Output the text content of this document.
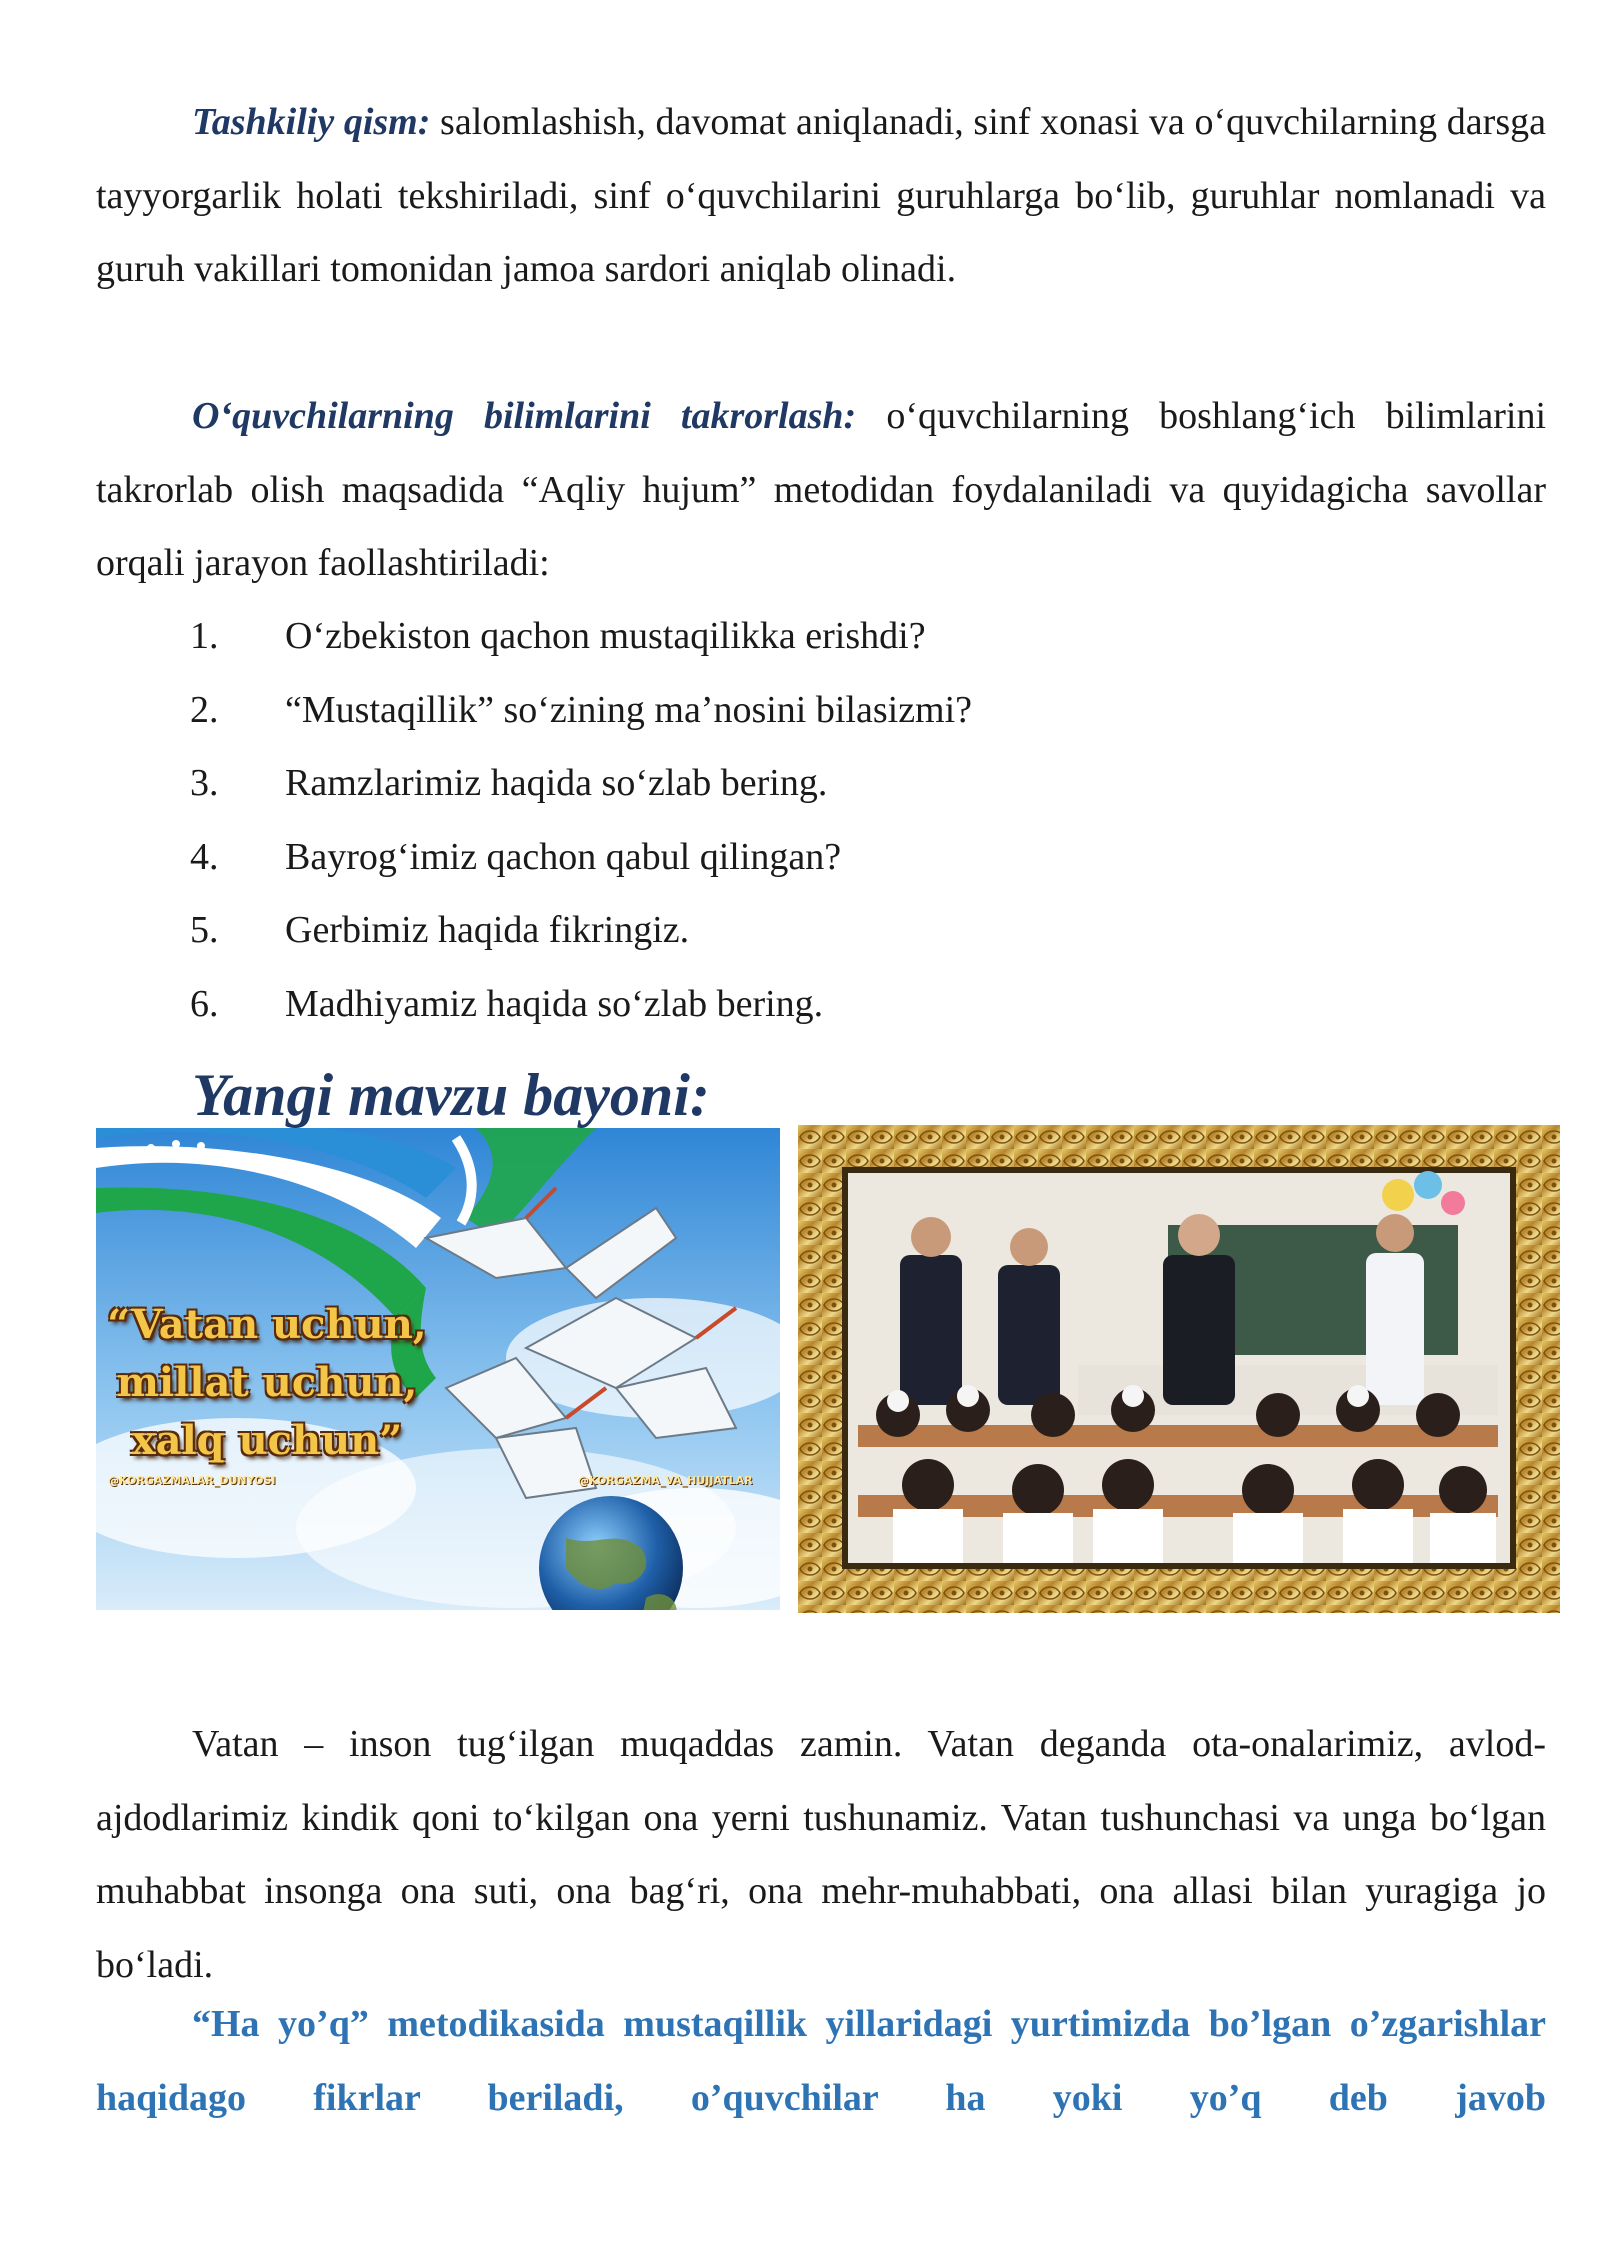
Tashkiliy qism: salomlashish, davomat aniqlanadi, sinf xonasi va o‘quvchilarning darsga tayyorgarlik holati tekshiriladi, sinf o‘quvchilarini guruhlarga bo‘lib, guruhlar nomlanadi va guruh vakillari tomonidan jamoa sardori aniqlab olinadi.

O‘quvchilarning bilimlarini takrorlash: o‘quvchilarning boshlang‘ich bilimlarini takrorlab olish maqsadida “Aqliy hujum” metodidan foydalaniladi va quyidagicha savollar orqali jarayon faollashtiriladi:

1. O‘zbekiston qachon mustaqilikka erishdi?
2. “Mustaqillik” so‘zining ma’nosini bilasizmi?
3. Ramzlarimiz haqida so‘zlab bering.
4. Bayrog‘imiz qachon qabul qilingan?
5. Gerbimiz haqida fikringiz.
6. Madhiyamiz haqida so‘zlab bering.
Yangi mavzu bayoni:
“Vatan uchun,
millat uchun,
xalq uchun”
@KORGAZMALAR_DUNYOSI	@KORGAZMA_VA_HUJJATLAR
MATBUOT

Vatan – inson tug‘ilgan muqaddas zamin. Vatan deganda ota-onalarimiz, avlod-ajdodlarimiz kindik qoni to‘kilgan ona yerni tushunamiz. Vatan tushunchasi va unga bo‘lgan muhabbat insonga ona suti, ona bag‘ri, ona mehr-muhabbati, ona allasi bilan yuragiga jo bo‘ladi.

“Ha yo’q” metodikasida mustaqillik yillaridagi yurtimizda bo’lgan o’zgarishlar haqidago fikrlar beriladi, o’quvchilar ha yoki yo’q deb javob
